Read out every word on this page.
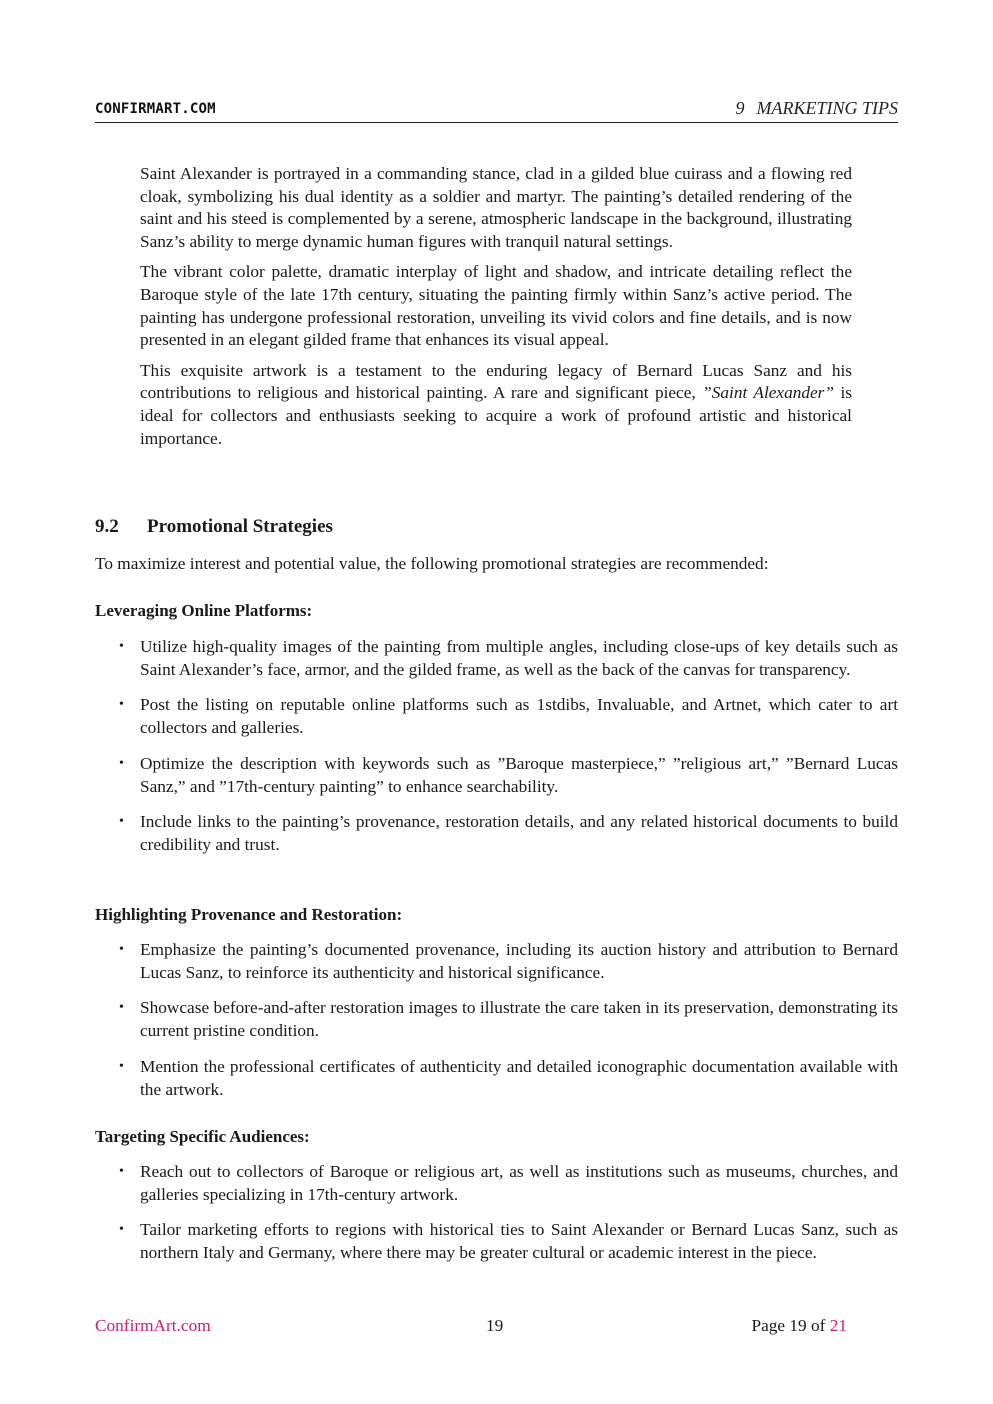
CONFIRMART.COM	9 MARKETING TIPS

Saint Alexander is portrayed in a commanding stance, clad in a gilded blue cuirass and a flowing red cloak, symbolizing his dual identity as a soldier and martyr. The painting’s detailed rendering of the saint and his steed is complemented by a serene, atmospheric landscape in the background, illustrating Sanz’s ability to merge dynamic human figures with tranquil natural settings.

The vibrant color palette, dramatic interplay of light and shadow, and intricate detailing reflect the Baroque style of the late 17th century, situating the painting firmly within Sanz’s active period. The painting has undergone professional restoration, unveiling its vivid colors and fine details, and is now presented in an elegant gilded frame that enhances its visual appeal.

This exquisite artwork is a testament to the enduring legacy of Bernard Lucas Sanz and his contributions to religious and historical painting. A rare and significant piece, ”Saint Alexander” is ideal for collectors and enthusiasts seeking to acquire a work of profound artistic and historical importance.

9.2 Promotional Strategies
To maximize interest and potential value, the following promotional strategies are recommended:
Leveraging Online Platforms:
• Utilize high-quality images of the painting from multiple angles, including close-ups of key details such as Saint Alexander’s face, armor, and the gilded frame, as well as the back of the canvas for transparency.
• Post the listing on reputable online platforms such as 1stdibs, Invaluable, and Artnet, which cater to art collectors and galleries.
• Optimize the description with keywords such as ”Baroque masterpiece,” ”religious art,” ”Bernard Lucas Sanz,” and ”17th-century painting” to enhance searchability.
• Include links to the painting’s provenance, restoration details, and any related historical documents to build credibility and trust.
Highlighting Provenance and Restoration:
• Emphasize the painting’s documented provenance, including its auction history and attribution to Bernard Lucas Sanz, to reinforce its authenticity and historical significance.
• Showcase before-and-after restoration images to illustrate the care taken in its preservation, demonstrating its current pristine condition.
• Mention the professional certificates of authenticity and detailed iconographic documentation available with the artwork.
Targeting Specific Audiences:
• Reach out to collectors of Baroque or religious art, as well as institutions such as museums, churches, and galleries specializing in 17th-century artwork.
• Tailor marketing efforts to regions with historical ties to Saint Alexander or Bernard Lucas Sanz, such as northern Italy and Germany, where there may be greater cultural or academic interest in the piece.
ConfirmArt.com	19	Page 19 of 21
